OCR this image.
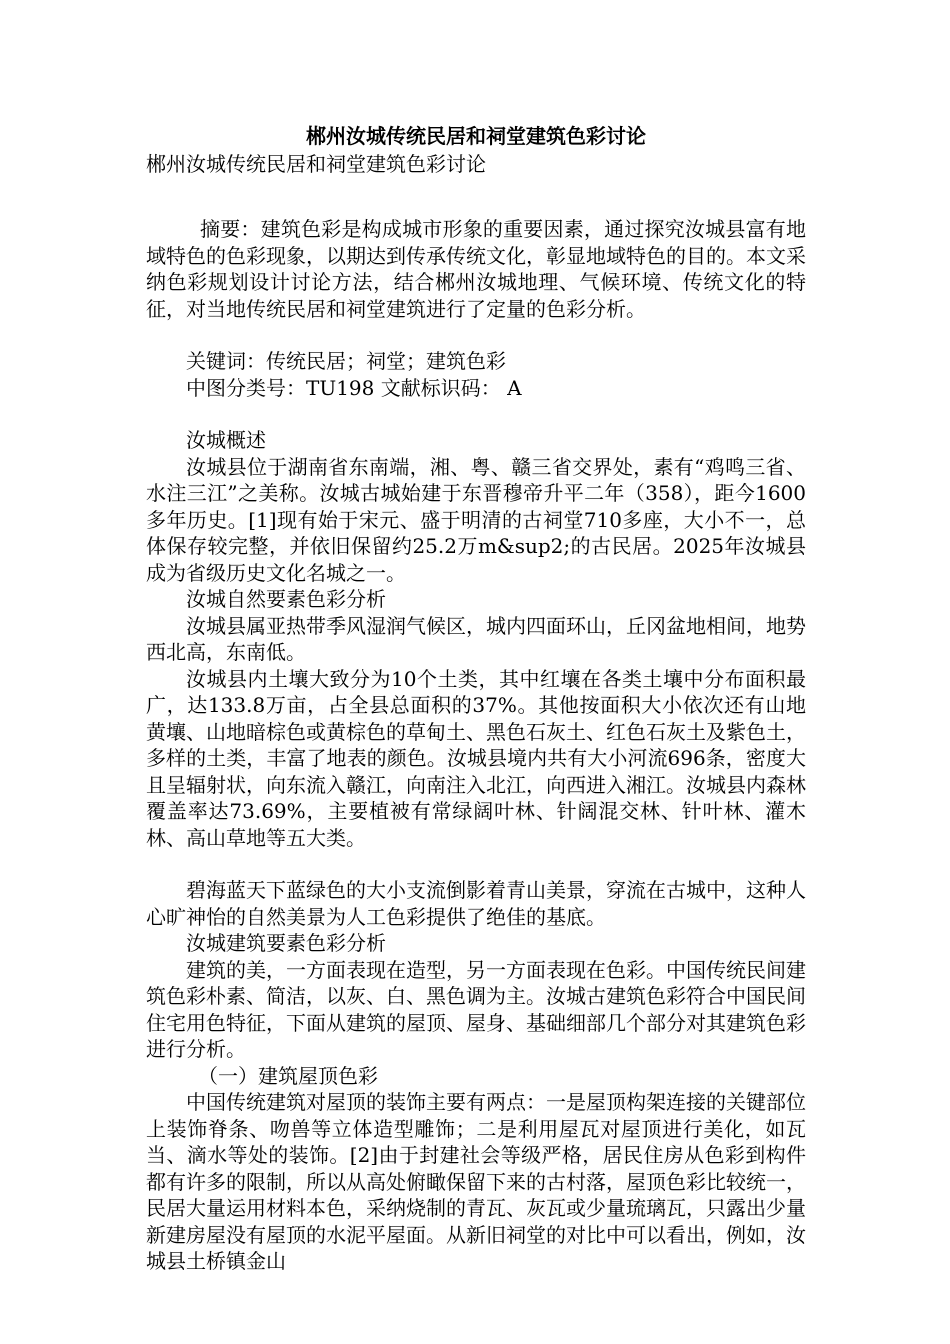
郴州汝城传统民居和祠堂建筑色彩讨论

郴州汝城传统民居和祠堂建筑色彩讨论

摘要：建筑色彩是构成城市形象的重要因素，通过探究汝城县富有地域特色的色彩现象，以期达到传承传统文化，彰显地域特色的目的。本文采纳色彩规划设计讨论方法，结合郴州汝城地理、气候环境、传统文化的特征，对当地传统民居和祠堂建筑进行了定量的色彩分析。

关键词：传统民居；祠堂；建筑色彩

中图分类号：TU198 文献标识码： A

汝城概述

汝城县位于湖南省东南端，湘、粤、赣三省交界处，素有“鸡鸣三省、水注三江”之美称。汝城古城始建于东晋穆帝升平二年（358），距今1600多年历史。[1]现有始于宋元、盛于明清的古祠堂710多座，大小不一，总体保存较完整，并依旧保留约25.2万m&sup2;的古民居。2025年汝城县成为省级历史文化名城之一。

汝城自然要素色彩分析

汝城县属亚热带季风湿润气候区，城内四面环山，丘冈盆地相间，地势西北高，东南低。

汝城县内土壤大致分为10个土类，其中红壤在各类土壤中分布面积最广，达133.8万亩，占全县总面积的37%。其他按面积大小依次还有山地黄壤、山地暗棕色或黄棕色的草甸土、黑色石灰土、红色石灰土及紫色土，多样的土类，丰富了地表的颜色。汝城县境内共有大小河流696条，密度大且呈辐射状，向东流入赣江，向南注入北江，向西进入湘江。汝城县内森林覆盖率达73.69%，主要植被有常绿阔叶林、针阔混交林、针叶林、灌木林、高山草地等五大类。

碧海蓝天下蓝绿色的大小支流倒影着青山美景，穿流在古城中，这种人心旷神怡的自然美景为人工色彩提供了绝佳的基底。

汝城建筑要素色彩分析

建筑的美，一方面表现在造型，另一方面表现在色彩。中国传统民间建筑色彩朴素、简洁，以灰、白、黑色调为主。汝城古建筑色彩符合中国民间住宅用色特征，下面从建筑的屋顶、屋身、基础细部几个部分对其建筑色彩进行分析。

（一）建筑屋顶色彩

中国传统建筑对屋顶的装饰主要有两点：一是屋顶构架连接的关键部位上装饰脊条、吻兽等立体造型雕饰；二是利用屋瓦对屋顶进行美化，如瓦当、滴水等处的装饰。[2]由于封建社会等级严格，居民住房从色彩到构件都有许多的限制，所以从高处俯瞰保留下来的古村落，屋顶色彩比较统一，民居大量运用材料本色，采纳烧制的青瓦、灰瓦或少量琉璃瓦，只露出少量新建房屋没有屋顶的水泥平屋面。从新旧祠堂的对比中可以看出，例如，汝城县土桥镇金山
